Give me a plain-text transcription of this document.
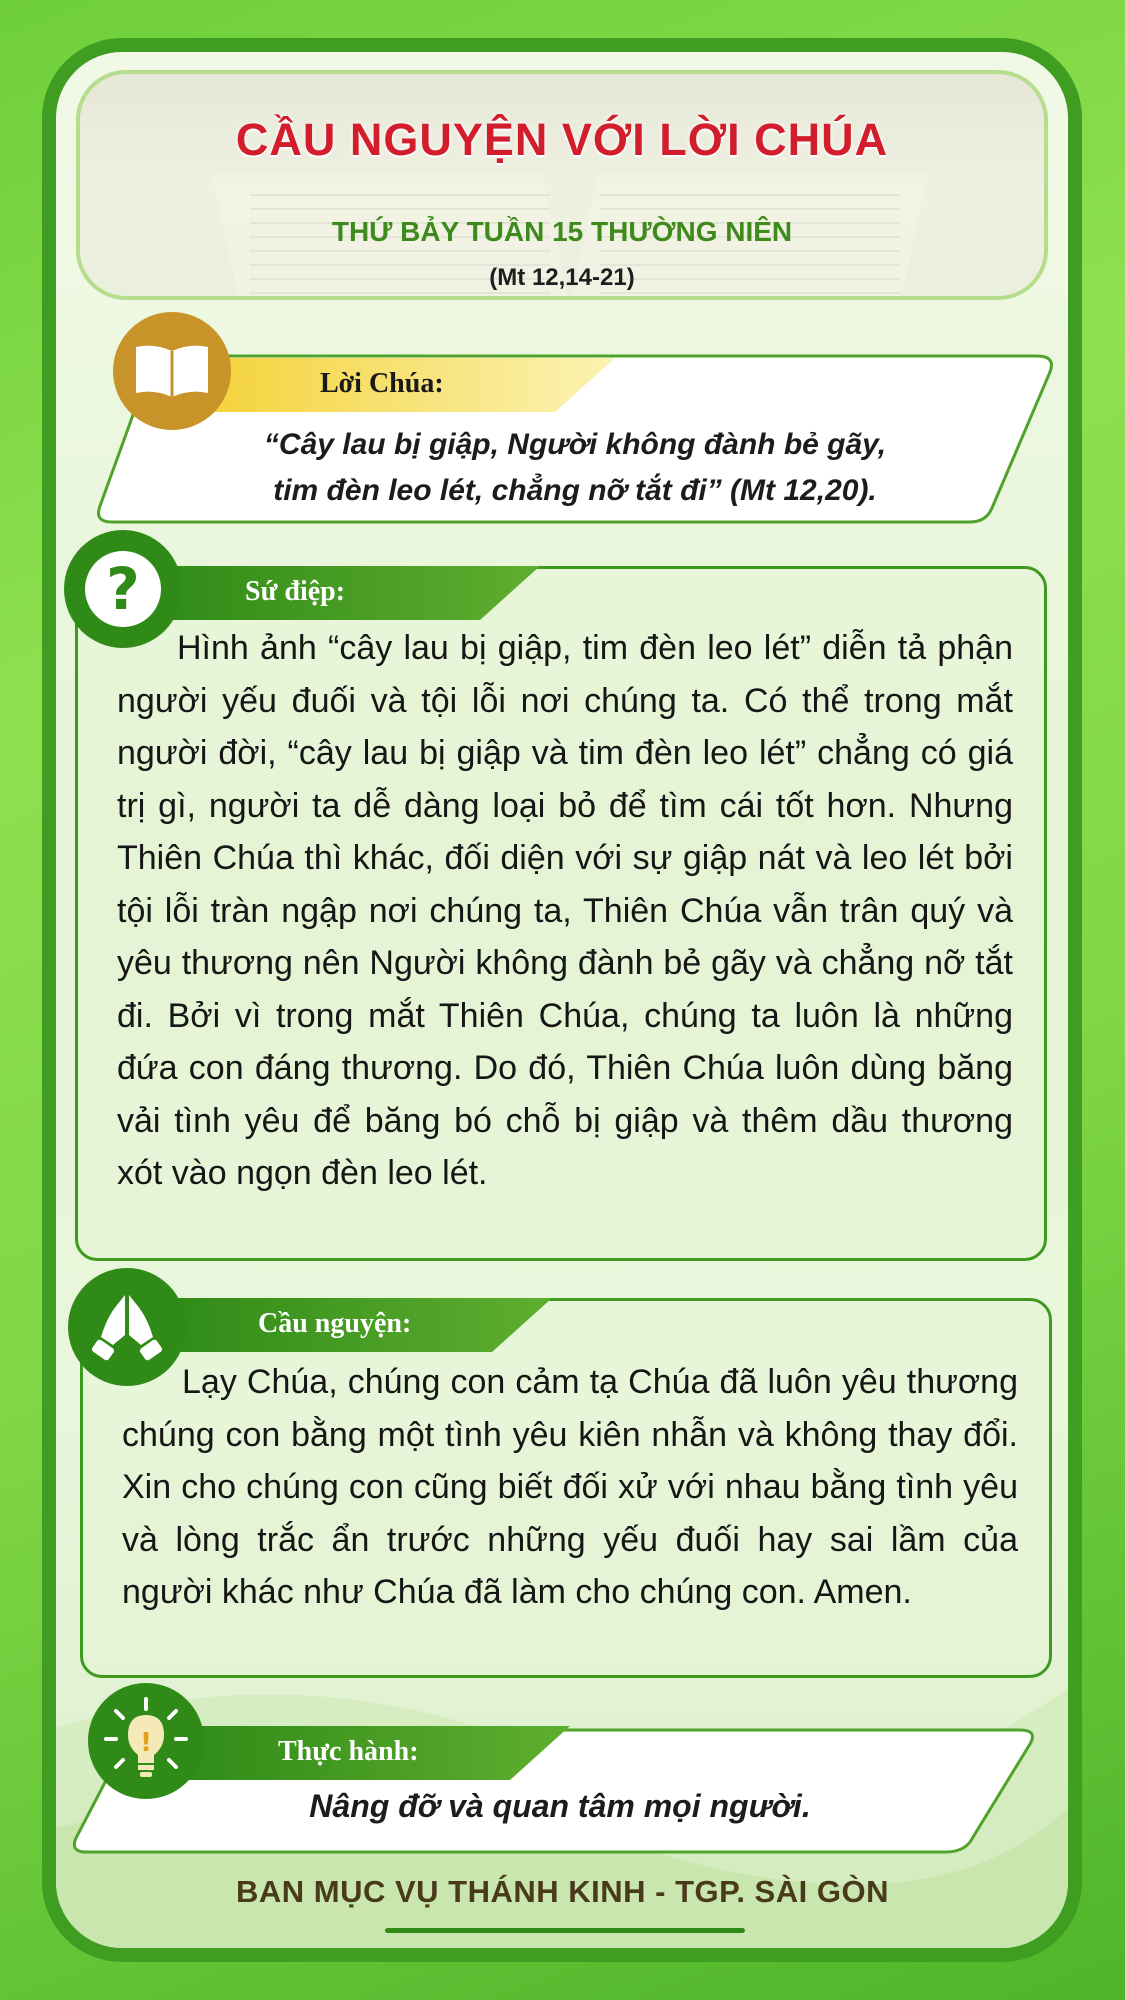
CẦU NGUYỆN VỚI LỜI CHÚA
THỨ BẢY TUẦN 15 THƯỜNG NIÊN
(Mt 12,14-21)
Lời Chúa:
“Cây lau bị giập, Người không đành bẻ gãy,
tim đèn leo lét, chẳng nỡ tắt đi” (Mt 12,20).
Sứ điệp:
?
Hình ảnh “cây lau bị giập, tim đèn leo lét” diễn tả phận người yếu đuối và tội lỗi nơi chúng ta. Có thể trong mắt người đời, “cây lau bị giập và tim đèn leo lét” chẳng có giá trị gì, người ta dễ dàng loại bỏ để tìm cái tốt hơn. Nhưng Thiên Chúa thì khác, đối diện với sự giập nát và leo lét bởi tội lỗi tràn ngập nơi chúng ta, Thiên Chúa vẫn trân quý và yêu thương nên Người không đành bẻ gãy và chẳng nỡ tắt đi. Bởi vì trong mắt Thiên Chúa, chúng ta luôn là những đứa con đáng thương. Do đó, Thiên Chúa luôn dùng băng vải tình yêu để băng bó chỗ bị giập và thêm dầu thương xót vào ngọn đèn leo lét.
Cầu nguyện:
Lạy Chúa, chúng con cảm tạ Chúa đã luôn yêu thương chúng con bằng một tình yêu kiên nhẫn và không thay đổi. Xin cho chúng con cũng biết đối xử với nhau bằng tình yêu và lòng trắc ẩn trước những yếu đuối hay sai lầm của người khác như Chúa đã làm cho chúng con. Amen.
Thực hành:
!
Nâng đỡ và quan tâm mọi người.
BAN MỤC VỤ THÁNH KINH - TGP. SÀI GÒN
